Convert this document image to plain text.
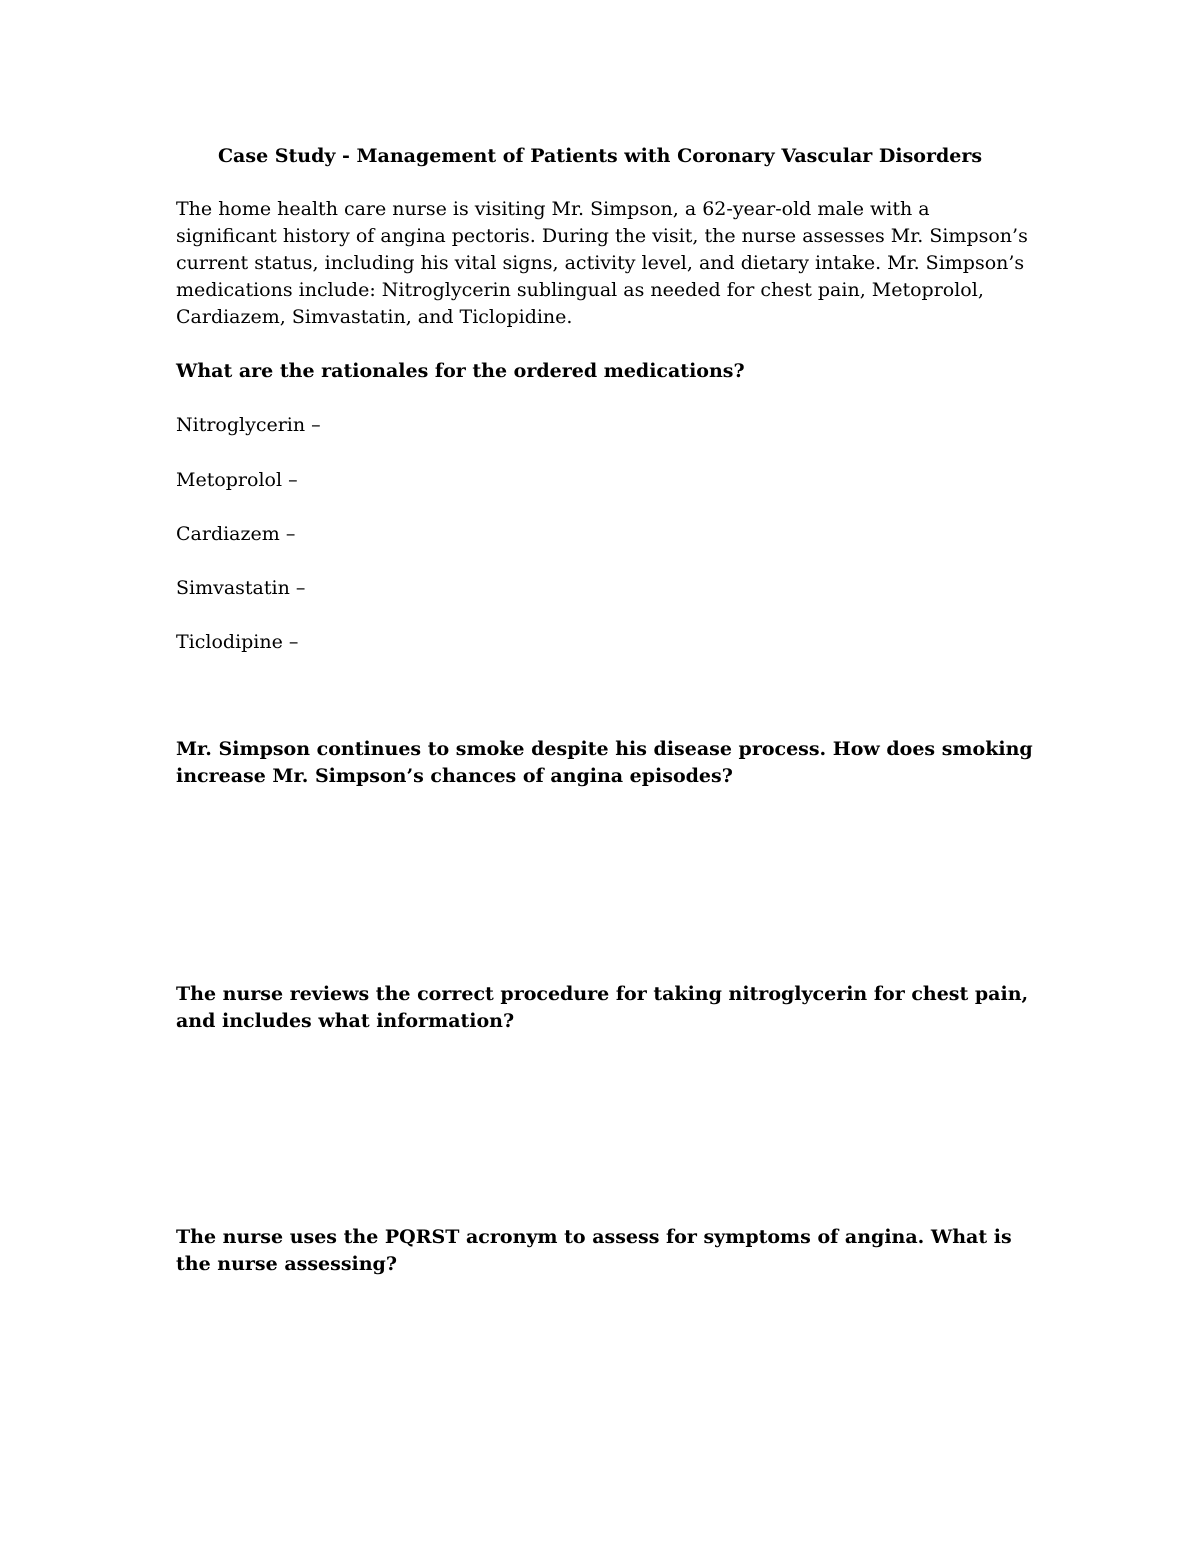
Case Study - Management of Patients with Coronary Vascular Disorders

The home health care nurse is visiting Mr. Simpson, a 62-year-old male with a significant history of angina pectoris. During the visit, the nurse assesses Mr. Simpson’s current status, including his vital signs, activity level, and dietary intake. Mr. Simpson’s medications include: Nitroglycerin sublingual as needed for chest pain, Metoprolol, Cardiazem, Simvastatin, and Ticlopidine.

What are the rationales for the ordered medications?

Nitroglycerin –

Metoprolol –

Cardiazem –

Simvastatin –

Ticlodipine –

Mr. Simpson continues to smoke despite his disease process. How does smoking increase Mr. Simpson’s chances of angina episodes?

The nurse reviews the correct procedure for taking nitroglycerin for chest pain, and includes what information?

The nurse uses the PQRST acronym to assess for symptoms of angina. What is the nurse assessing?
